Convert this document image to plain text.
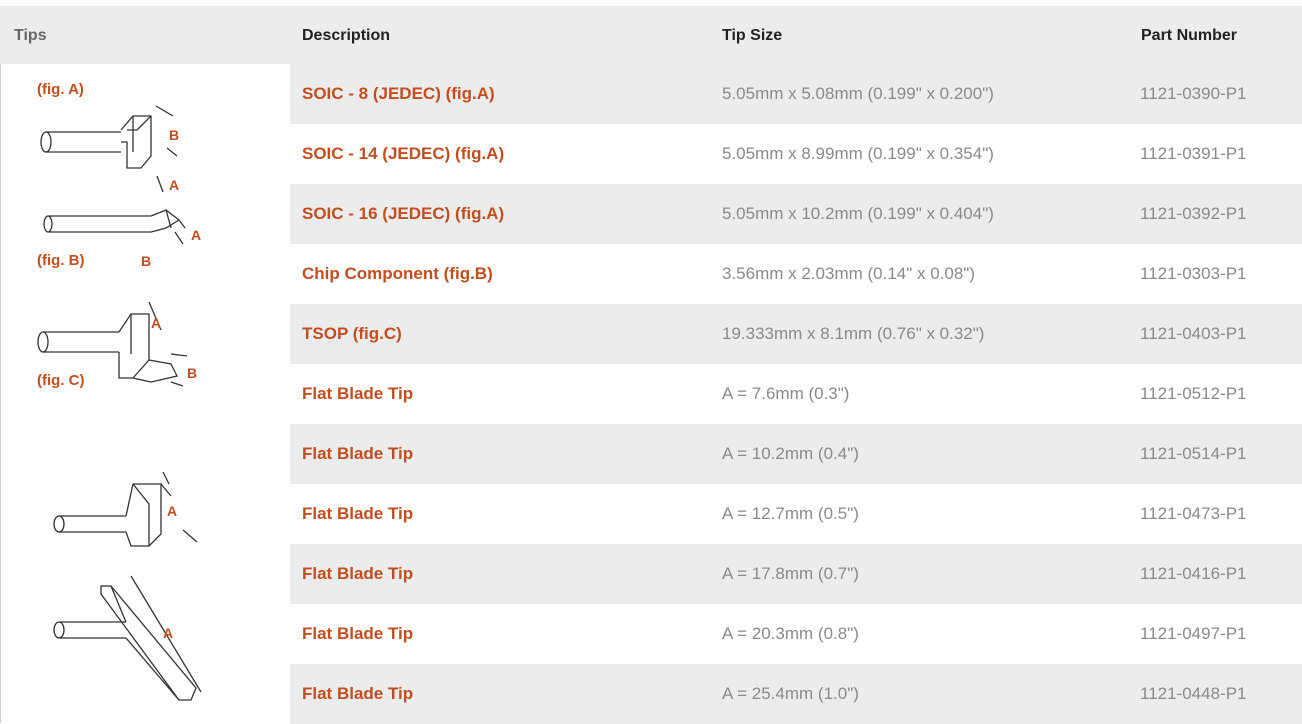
Tips	Description	Tip Size	Part Number
B
A
A
B
A
B
A
A
(fig. A)
(fig. B)
(fig. C)
SOIC - 8 (JEDEC) (fig.A)	5.05mm x 5.08mm (0.199" x 0.200")	1121-0390-P1
SOIC - 14 (JEDEC) (fig.A)	5.05mm x 8.99mm (0.199" x 0.354")	1121-0391-P1
SOIC - 16 (JEDEC) (fig.A)	5.05mm x 10.2mm (0.199" x 0.404")	1121-0392-P1
Chip Component (fig.B)	3.56mm x 2.03mm (0.14" x 0.08")	1121-0303-P1
TSOP (fig.C)	19.333mm x 8.1mm (0.76" x 0.32")	1121-0403-P1
Flat Blade Tip	A = 7.6mm (0.3")	1121-0512-P1
Flat Blade Tip	A = 10.2mm (0.4")	1121-0514-P1
Flat Blade Tip	A = 12.7mm (0.5")	1121-0473-P1
Flat Blade Tip	A = 17.8mm (0.7")	1121-0416-P1
Flat Blade Tip	A = 20.3mm (0.8")	1121-0497-P1
Flat Blade Tip	A = 25.4mm (1.0")	1121-0448-P1
